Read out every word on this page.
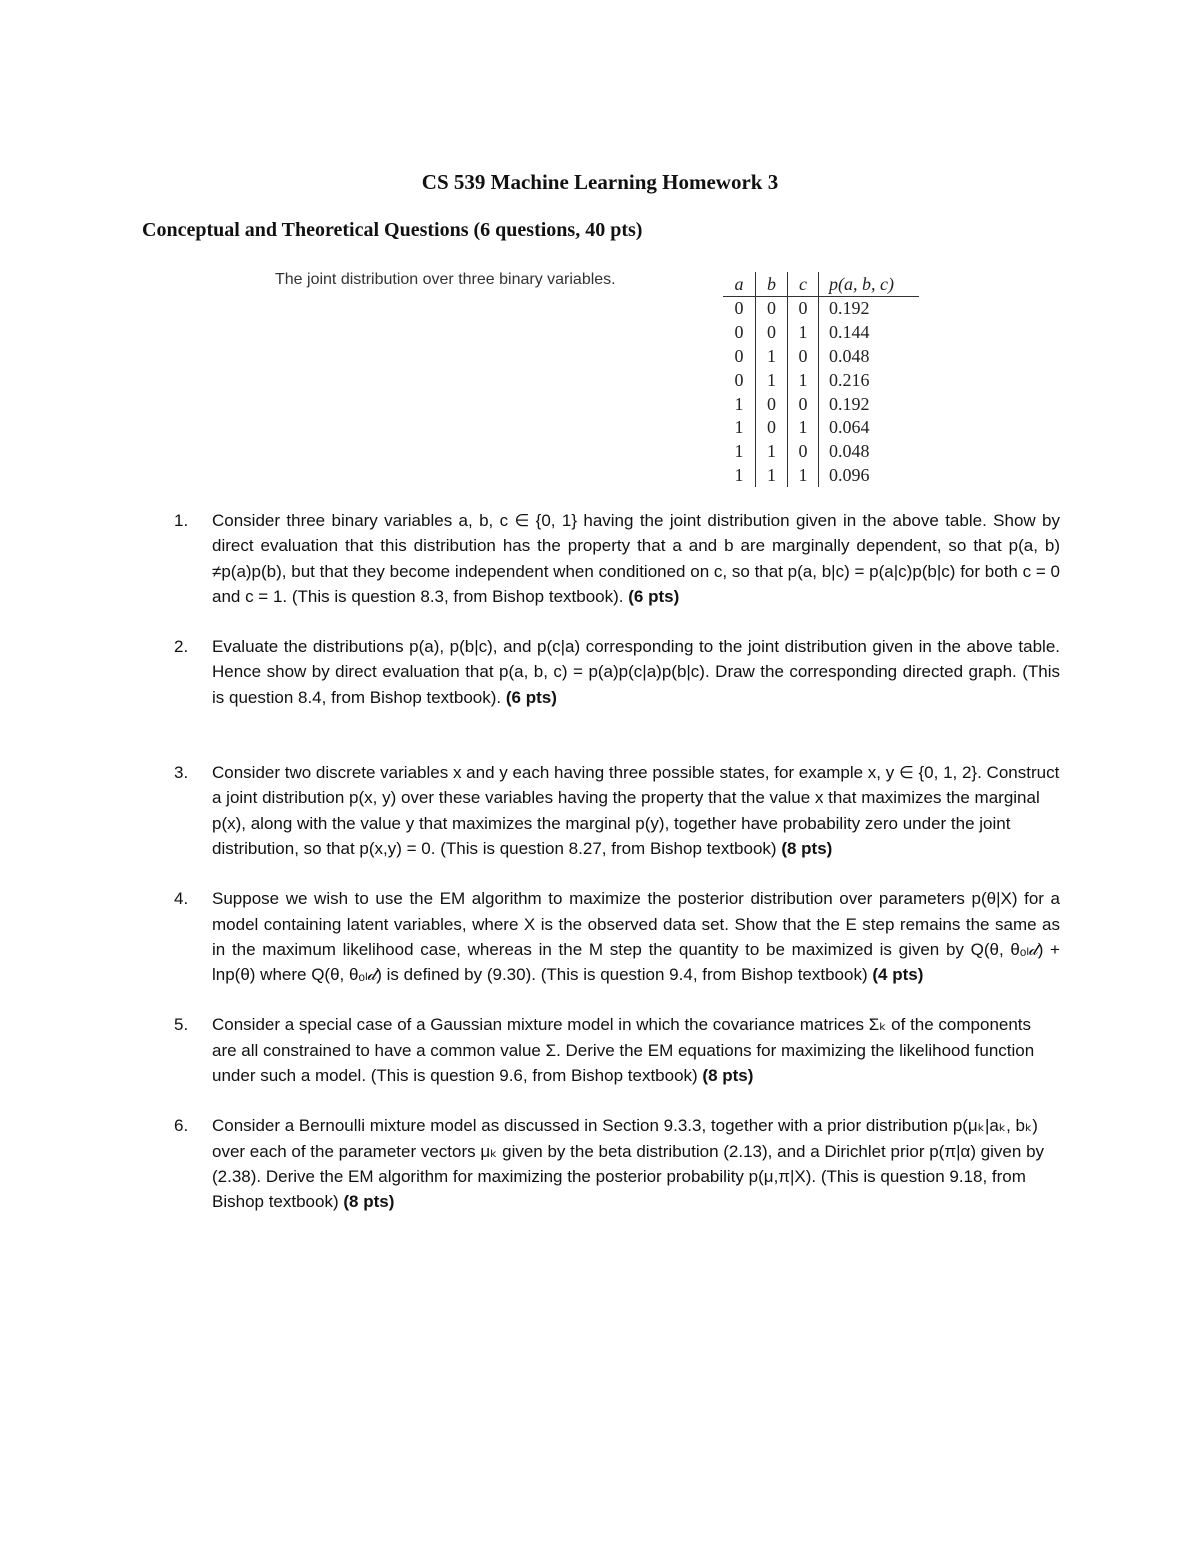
CS 539 Machine Learning Homework 3
Conceptual and Theoretical Questions (6 questions, 40 pts)
The joint distribution over three binary variables.	a	b	c	p(a, b, c)
0	0	0	0.192
0	0	1	0.144
0	1	0	0.048
0	1	1	0.216
1	0	0	0.192
1	0	1	0.064
1	1	0	0.048
1	1	1	0.096
1. Consider three binary variables a, b, c ∈ {0, 1} having the joint distribution given in the above table. Show by direct evaluation that this distribution has the property that a and b are marginally dependent, so that p(a, b) ≠p(a)p(b), but that they become independent when conditioned on c, so that p(a, b|c) = p(a|c)p(b|c) for both c = 0 and c = 1. (This is question 8.3, from Bishop textbook). (6 pts)
2. Evaluate the distributions p(a), p(b|c), and p(c|a) corresponding to the joint distribution given in the above table. Hence show by direct evaluation that p(a, b, c) = p(a)p(c|a)p(b|c). Draw the corresponding directed graph. (This is question 8.4, from Bishop textbook). (6 pts)
3. Consider two discrete variables x and y each having three possible states, for example x, y ∈ {0, 1, 2}. Construct a joint distribution p(x, y) over these variables having the property that the value x that maximizes the marginal p(x), along with the value y that maximizes the marginal p(y), together have probability zero under the joint distribution, so that p(x,y) = 0. (This is question 8.27, from Bishop textbook) (8 pts)
4. Suppose we wish to use the EM algorithm to maximize the posterior distribution over parameters p(θ|X) for a model containing latent variables, where X is the observed data set. Show that the E step remains the same as in the maximum likelihood case, whereas in the M step the quantity to be maximized is given by Q(θ, θₒₗ𝒹) + lnp(θ) where Q(θ, θₒₗ𝒹) is defined by (9.30). (This is question 9.4, from Bishop textbook) (4 pts)
5. Consider a special case of a Gaussian mixture model in which the covariance matrices Σₖ of the components are all constrained to have a common value Σ. Derive the EM equations for maximizing the likelihood function under such a model. (This is question 9.6, from Bishop textbook) (8 pts)
6. Consider a Bernoulli mixture model as discussed in Section 9.3.3, together with a prior distribution p(μₖ|aₖ, bₖ) over each of the parameter vectors μₖ given by the beta distribution (2.13), and a Dirichlet prior p(π|α) given by (2.38). Derive the EM algorithm for maximizing the posterior probability p(μ,π|X). (This is question 9.18, from Bishop textbook) (8 pts)
